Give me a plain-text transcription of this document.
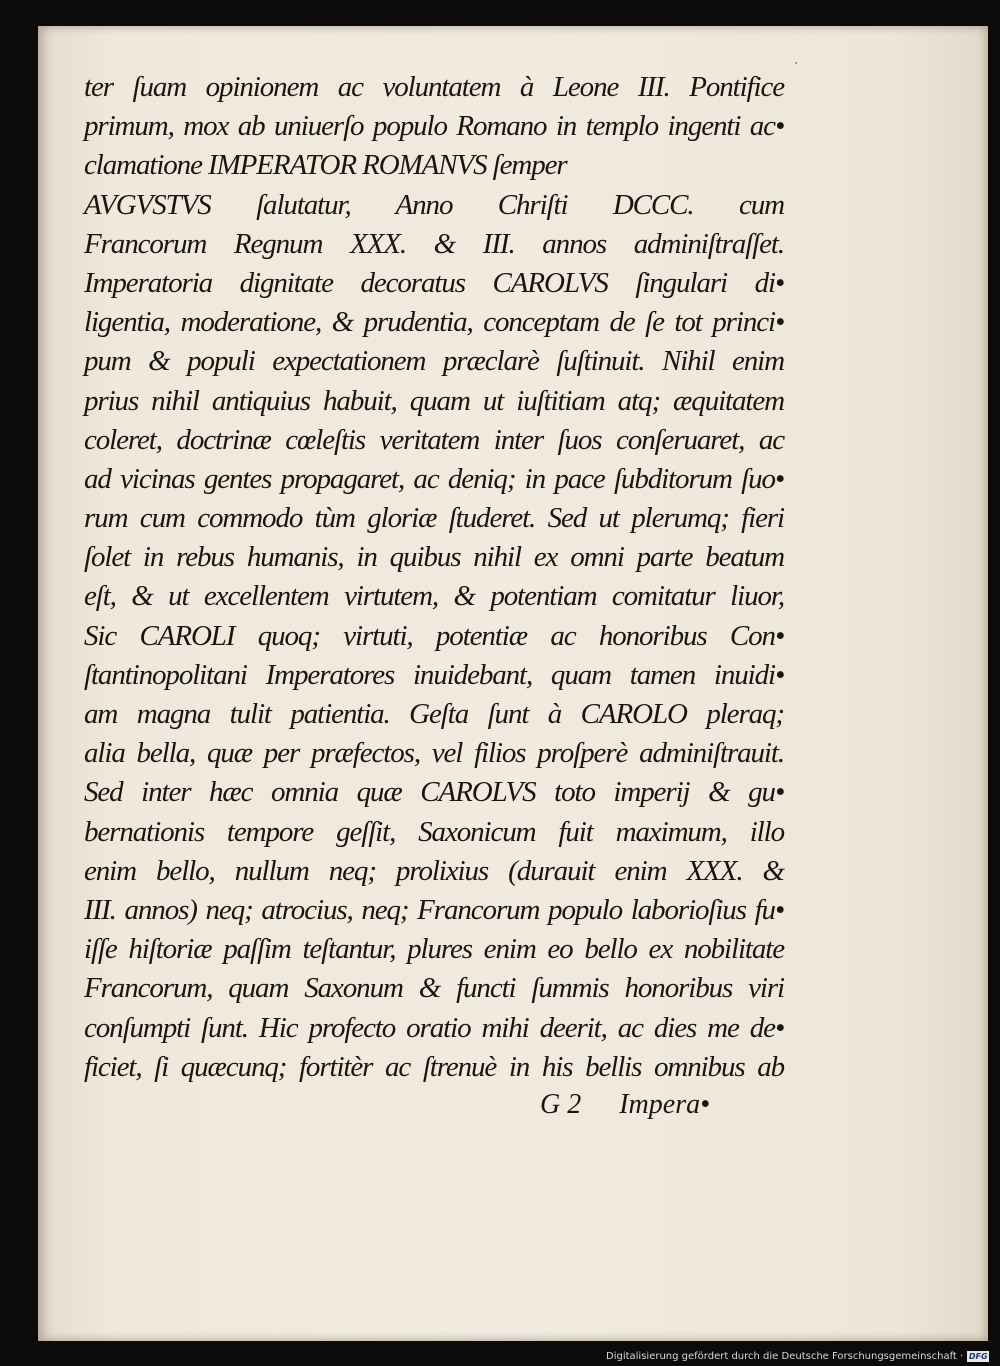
‧
ter ſuam opinionem ac voluntatem à Leone III. Pontifice
primum, mox ab uniuerſo populo Romano in templo ingenti ac•
clamatione IMPERATOR ROMANVS ſemper
AVGVSTVS ſalutatur, Anno Chriſti DCCC. cum
Francorum Regnum XXX. & III. annos adminiſtraſſet.
Imperatoria dignitate decoratus CAROLVS ſingulari di•
ligentia, moderatione, & prudentia, conceptam de ſe tot princi•
pum & populi expectationem præclarè ſuſtinuit. Nihil enim
prius nihil antiquius habuit, quam ut iuſtitiam atq; æquitatem
coleret, doctrinæ cœleſtis veritatem inter ſuos conſeruaret, ac
ad vicinas gentes propagaret, ac deniq; in pace ſubditorum ſuo•
rum cum commodo tùm gloriæ ſtuderet. Sed ut plerumq; fieri
ſolet in rebus humanis, in quibus nihil ex omni parte beatum
eſt, & ut excellentem virtutem, & potentiam comitatur liuor,
Sic CAROLI quoq; virtuti, potentiæ ac honoribus Con•
ſtantinopolitani Imperatores inuidebant, quam tamen inuidi•
am magna tulit patientia. Geſta ſunt à CAROLO pleraq;
alia bella, quæ per præfectos, vel filios proſperè adminiſtrauit.
Sed inter hæc omnia quæ CAROLVS toto imperij & gu•
bernationis tempore geſſit, Saxonicum fuit maximum, illo
enim bello, nullum neq; prolixius (durauit enim XXX. &
III. annos) neq; atrocius, neq; Francorum populo laborioſius fu•
iſſe hiſtoriæ paſſim teſtantur, plures enim eo bello ex nobilitate
Francorum, quam Saxonum & functi ſummis honoribus viri
conſumpti ſunt. Hic profecto oratio mihi deerit, ac dies me de•
ficiet, ſi quæcunq; fortitèr ac ſtrenuè in his bellis omnibus ab
G 2 Impera•
Digitalisierung gefördert durch die Deutsche Forschungsgemeinschaft · DFG
